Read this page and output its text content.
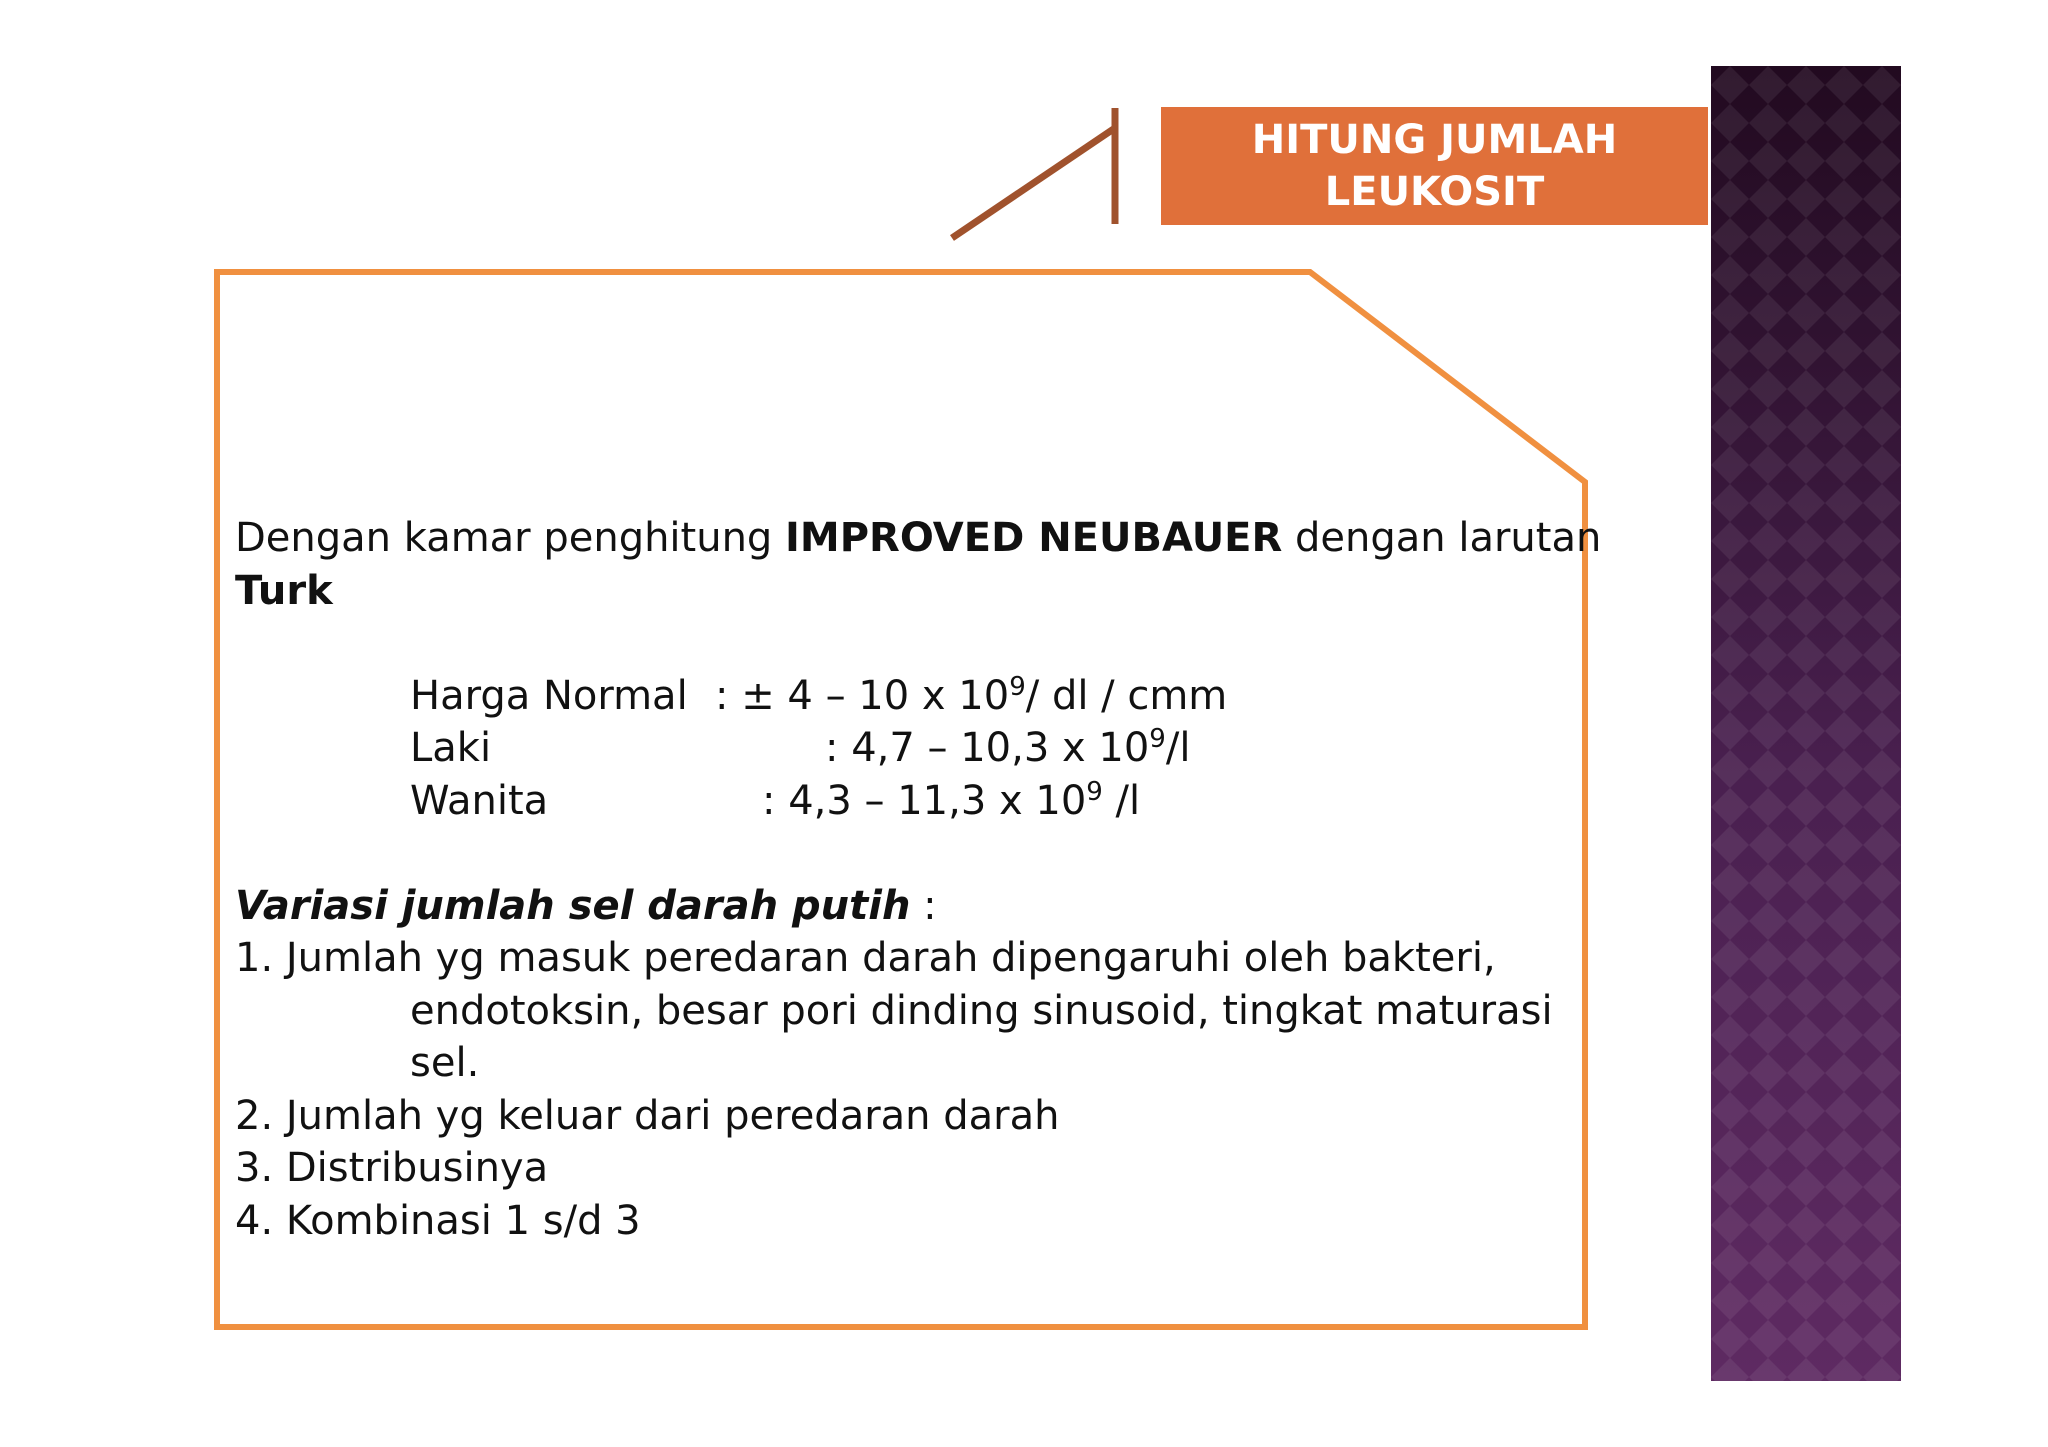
HITUNG JUMLAH
LEUKOSIT
Dengan kamar penghitung IMPROVED NEUBAUER dengan larutan
Turk
Harga Normal : ± 4 – 10 x $10^9/$ dl / cmm
Laki	: 4,7 – 10,3 x $10^9/l$
Wanita	: 4,3 – 11,3 x $10^9$ /l
Variasi jumlah sel darah putih :
1. Jumlah yg masuk peredaran darah dipengaruhi oleh bakteri,
endotoksin, besar pori dinding sinusoid, tingkat maturasi
sel.
2. Jumlah yg keluar dari peredaran darah
3. Distribusinya
4. Kombinasi 1 s/d 3
